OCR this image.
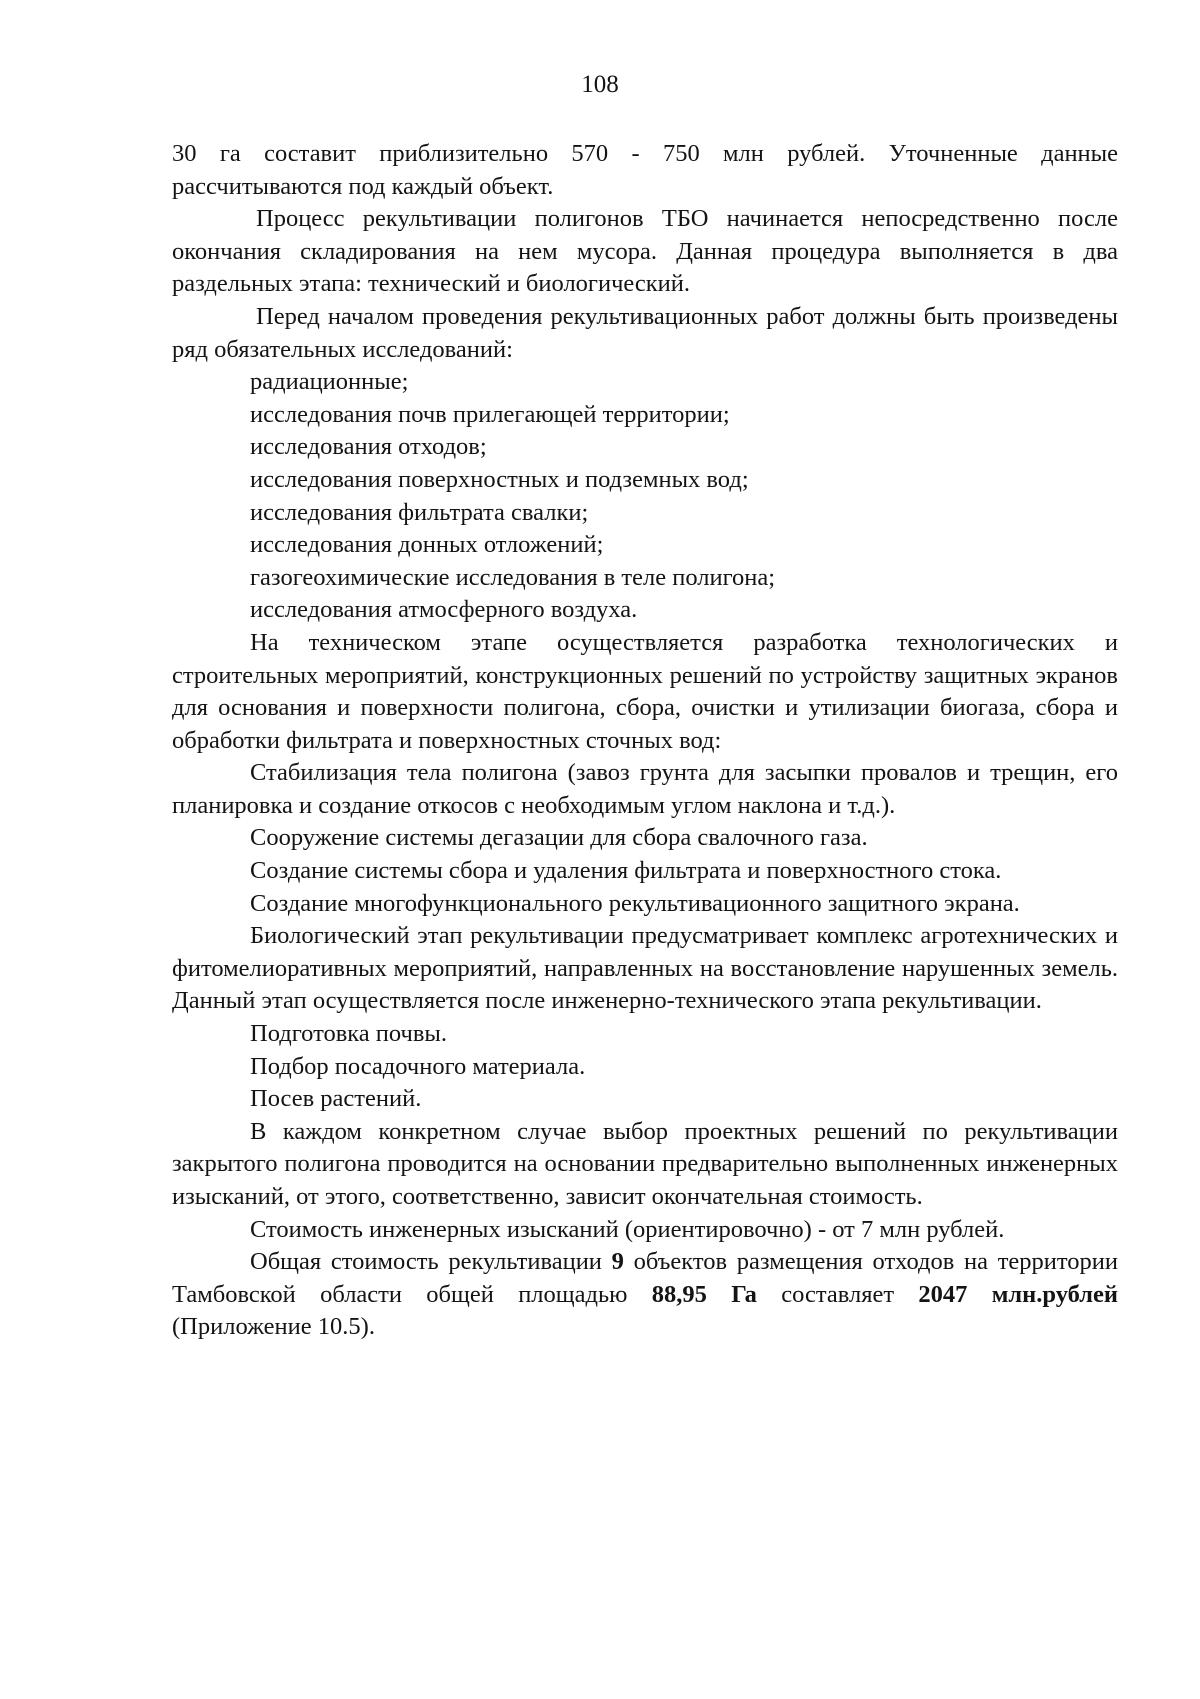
108

30 га составит приблизительно 570 - 750 млн рублей. Уточненные данные рассчитываются под каждый объект.

Процесс рекультивации полигонов ТБО начинается непосредственно после окончания складирования на нем мусора. Данная процедура выполняется в два раздельных этапа: технический и биологический.

Перед началом проведения рекультивационных работ должны быть произведены ряд обязательных исследований:

радиационные;

исследования почв прилегающей территории;

исследования отходов;

исследования поверхностных и подземных вод;

исследования фильтрата свалки;

исследования донных отложений;

газогеохимические исследования в теле полигона;

исследования атмосферного воздуха.

На техническом этапе осуществляется разработка технологических и строительных мероприятий, конструкционных решений по устройству защитных экранов для основания и поверхности полигона, сбора, очистки и утилизации биогаза, сбора и обработки фильтрата и поверхностных сточных вод:

Стабилизация тела полигона (завоз грунта для засыпки провалов и трещин, его планировка и создание откосов с необходимым углом наклона и т.д.).

Сооружение системы дегазации для сбора свалочного газа.

Создание системы сбора и удаления фильтрата и поверхностного стока.

Создание многофункционального рекультивационного защитного экрана.

Биологический этап рекультивации предусматривает комплекс агротехнических и фитомелиоративных мероприятий, направленных на восстановление нарушенных земель. Данный этап осуществляется после инженерно-технического этапа рекультивации.

Подготовка почвы.

Подбор посадочного материала.

Посев растений.

В каждом конкретном случае выбор проектных решений по рекультивации закрытого полигона проводится на основании предварительно выполненных инженерных изысканий, от этого, соответственно, зависит окончательная стоимость.

Стоимость инженерных изысканий (ориентировочно) - от 7 млн рублей.

Общая стоимость рекультивации 9 объектов размещения отходов на территории Тамбовской области общей площадью 88,95 Га составляет 2047 млн.рублей (Приложение 10.5).
